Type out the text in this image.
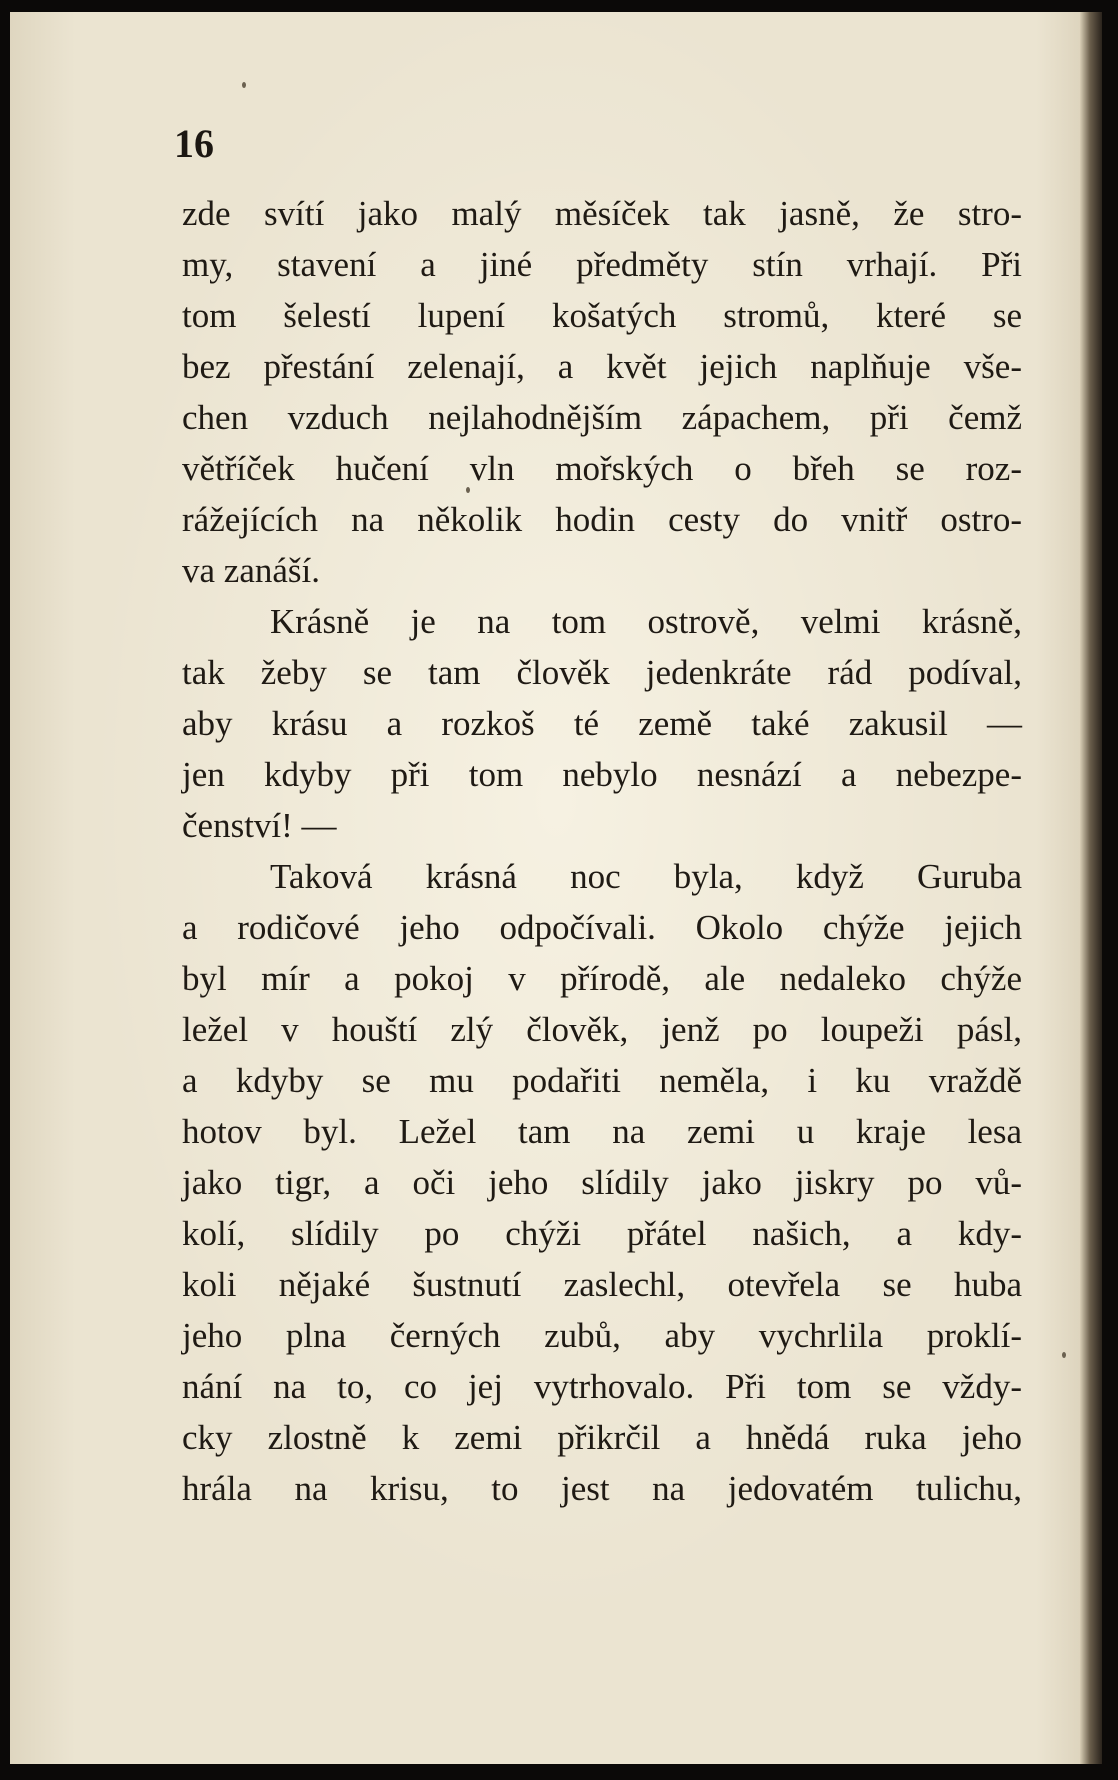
16
zde svítí jako malý měsíček tak jasně, že stro-
my, stavení a jiné předměty stín vrhají. Při
tom šelestí lupení košatých stromů, které se
bez přestání zelenají, a květ jejich naplňuje vše-
chen vzduch nejlahodnějším zápachem, při čemž
větříček hučení vln mořských o břeh se roz-
rážejících na několik hodin cesty do vnitř ostro-
va zanáší.
Krásně je na tom ostrově, velmi krásně,
tak žeby se tam člověk jedenkráte rád podíval,
aby krásu a rozkoš té země také zakusil —
jen kdyby při tom nebylo nesnází a nebezpe-
čenství! —
Taková krásná noc byla, když Guruba
a rodičové jeho odpočívali. Okolo chýže jejich
byl mír a pokoj v přírodě, ale nedaleko chýže
ležel v houští zlý člověk, jenž po loupeži pásl,
a kdyby se mu podařiti neměla, i ku vraždě
hotov byl. Ležel tam na zemi u kraje lesa
jako tigr, a oči jeho slídily jako jiskry po vů-
kolí, slídily po chýži přátel našich, a kdy-
koli nějaké šustnutí zaslechl, otevřela se huba
jeho plna černých zubů, aby vychrlila proklí-
nání na to, co jej vytrhovalo. Při tom se vždy-
cky zlostně k zemi přikrčil a hnědá ruka jeho
hrála na krisu, to jest na jedovatém tulichu,
